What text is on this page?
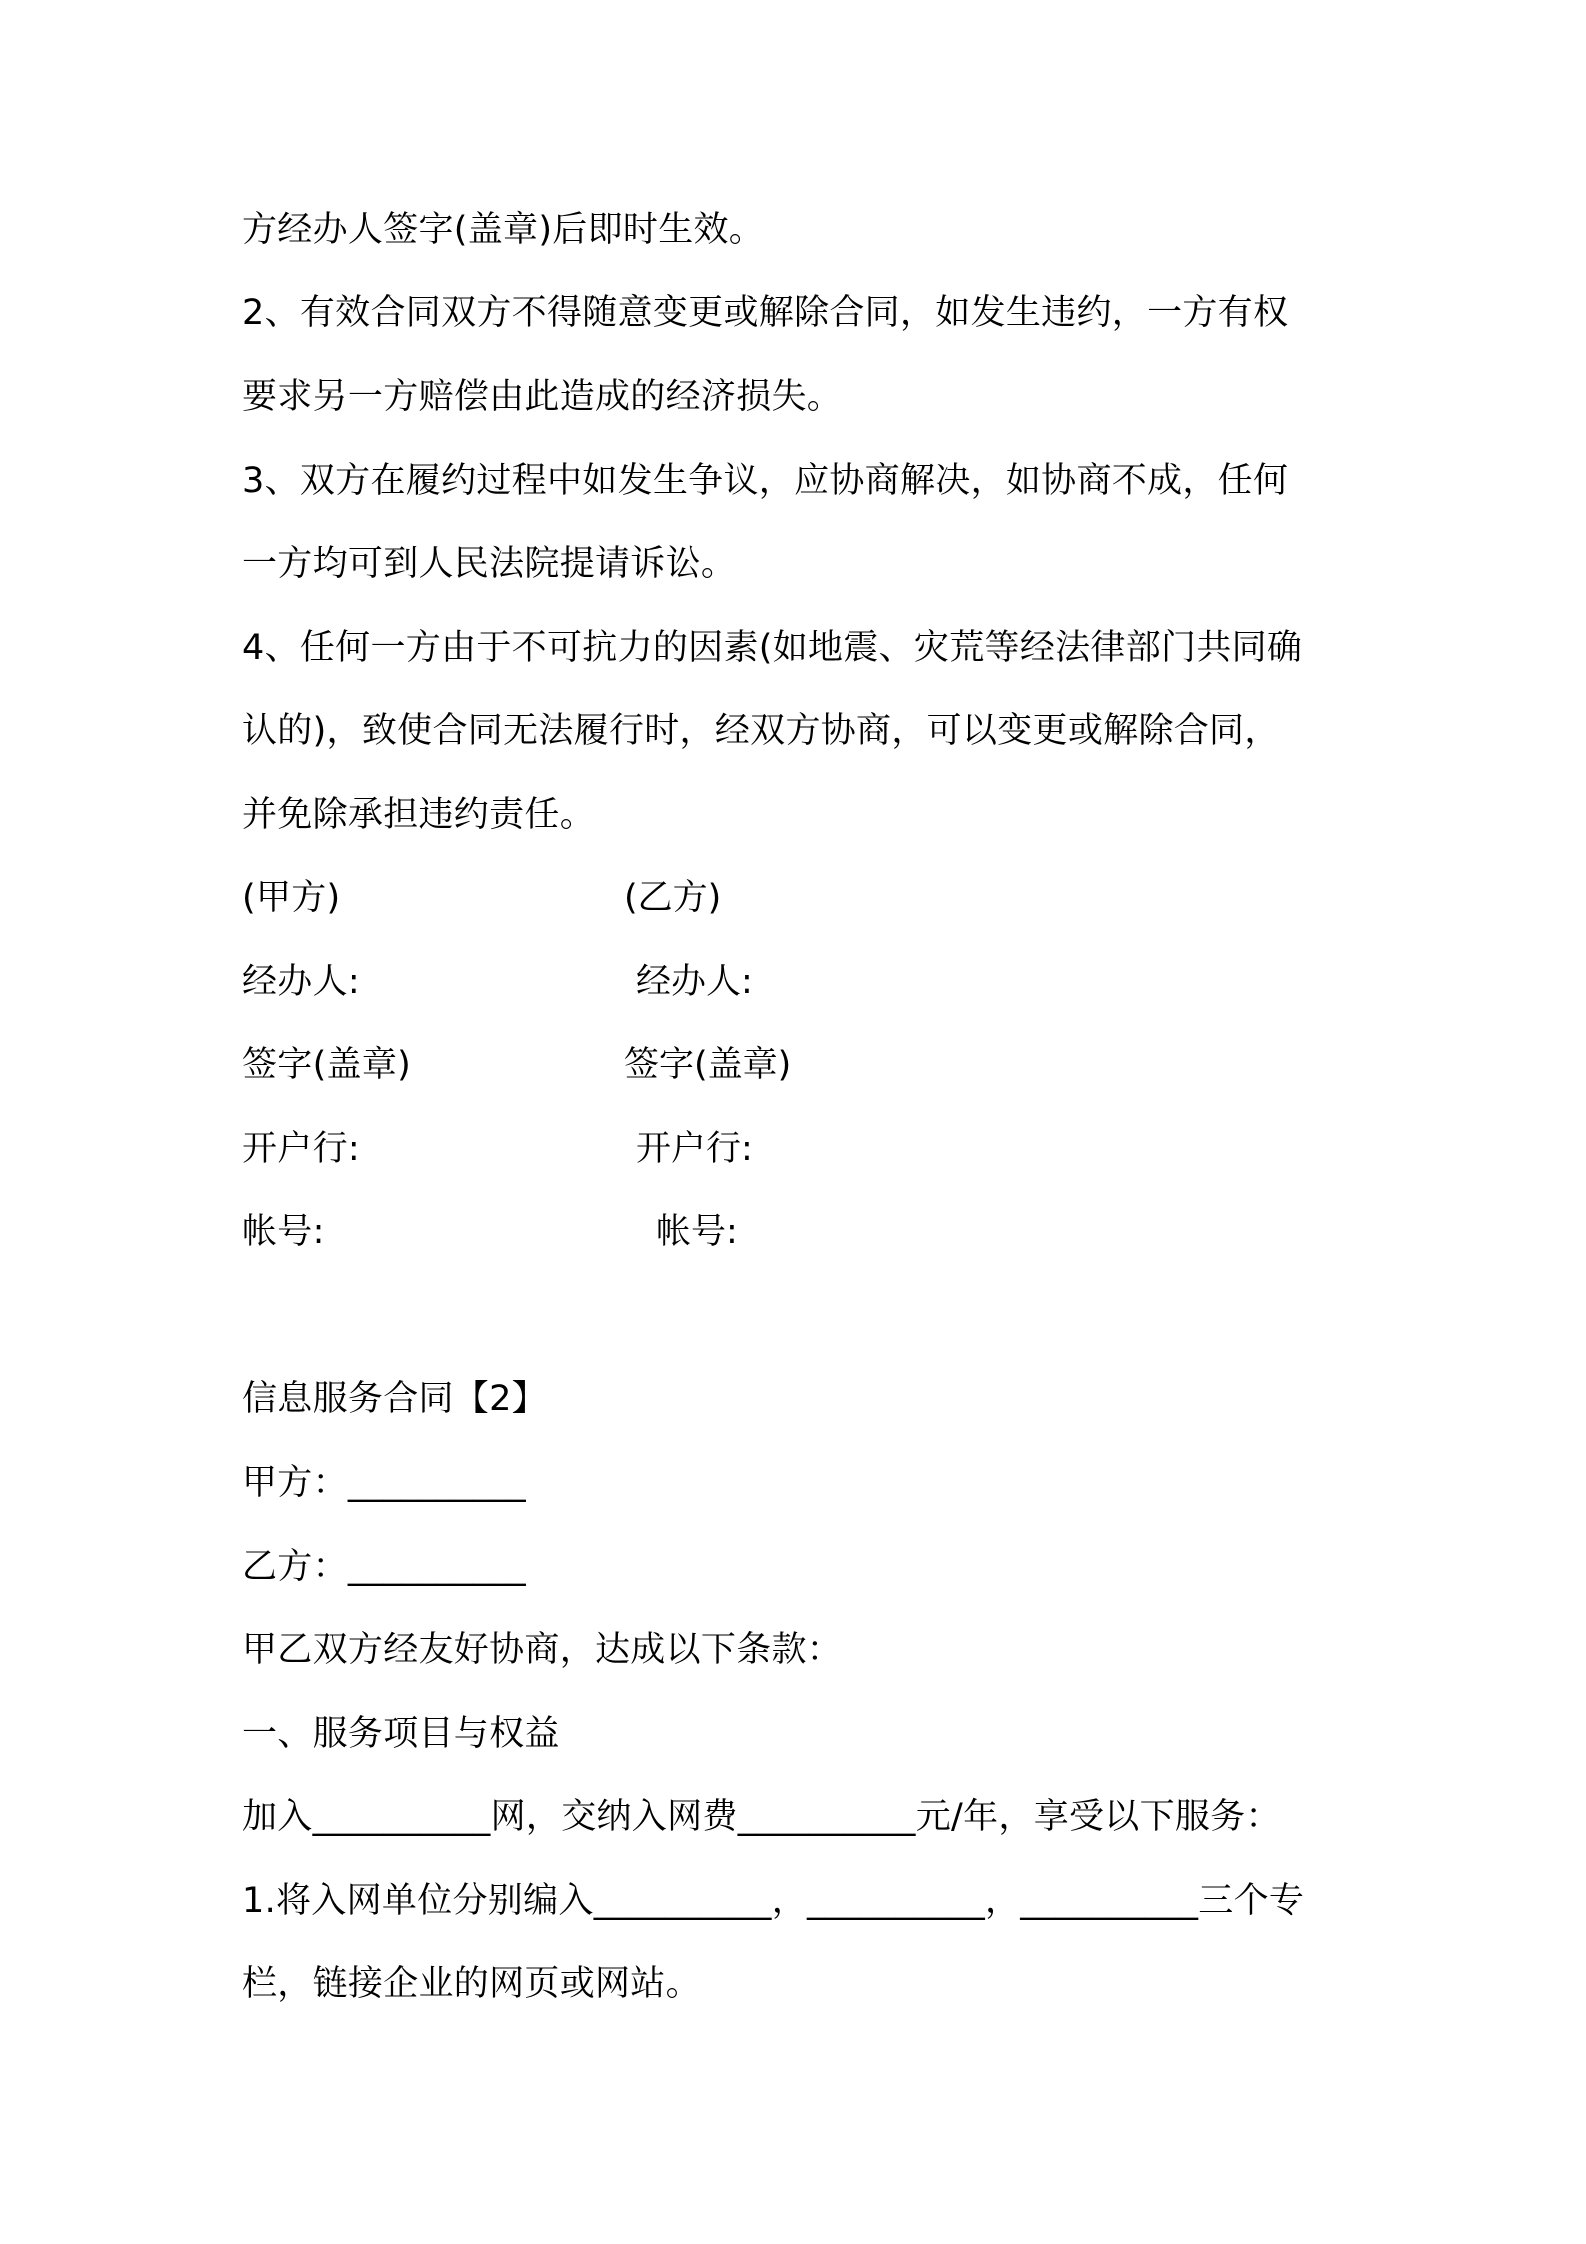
方经办人签字(盖章)后即时生效。
2、有效合同双方不得随意变更或解除合同，如发生违约，一方有权
要求另一方赔偿由此造成的经济损失。
3、双方在履约过程中如发生争议，应协商解决，如协商不成，任何
一方均可到人民法院提请诉讼。
4、任何一方由于不可抗力的因素(如地震、灾荒等经法律部门共同确
认的)，致使合同无法履行时，经双方协商，可以变更或解除合同，
并免除承担违约责任。
(甲方)	(乙方)
经办人:	经办人:
签字(盖章)	签字(盖章)
开户行:	开户行:
帐号:	帐号:
信息服务合同【2】
甲方：__________
乙方：__________
甲乙双方经友好协商，达成以下条款：
一、服务项目与权益
加入__________网，交纳入网费__________元/年，享受以下服务：
1.将入网单位分别编入__________，__________，__________三个专
栏，链接企业的网页或网站。
